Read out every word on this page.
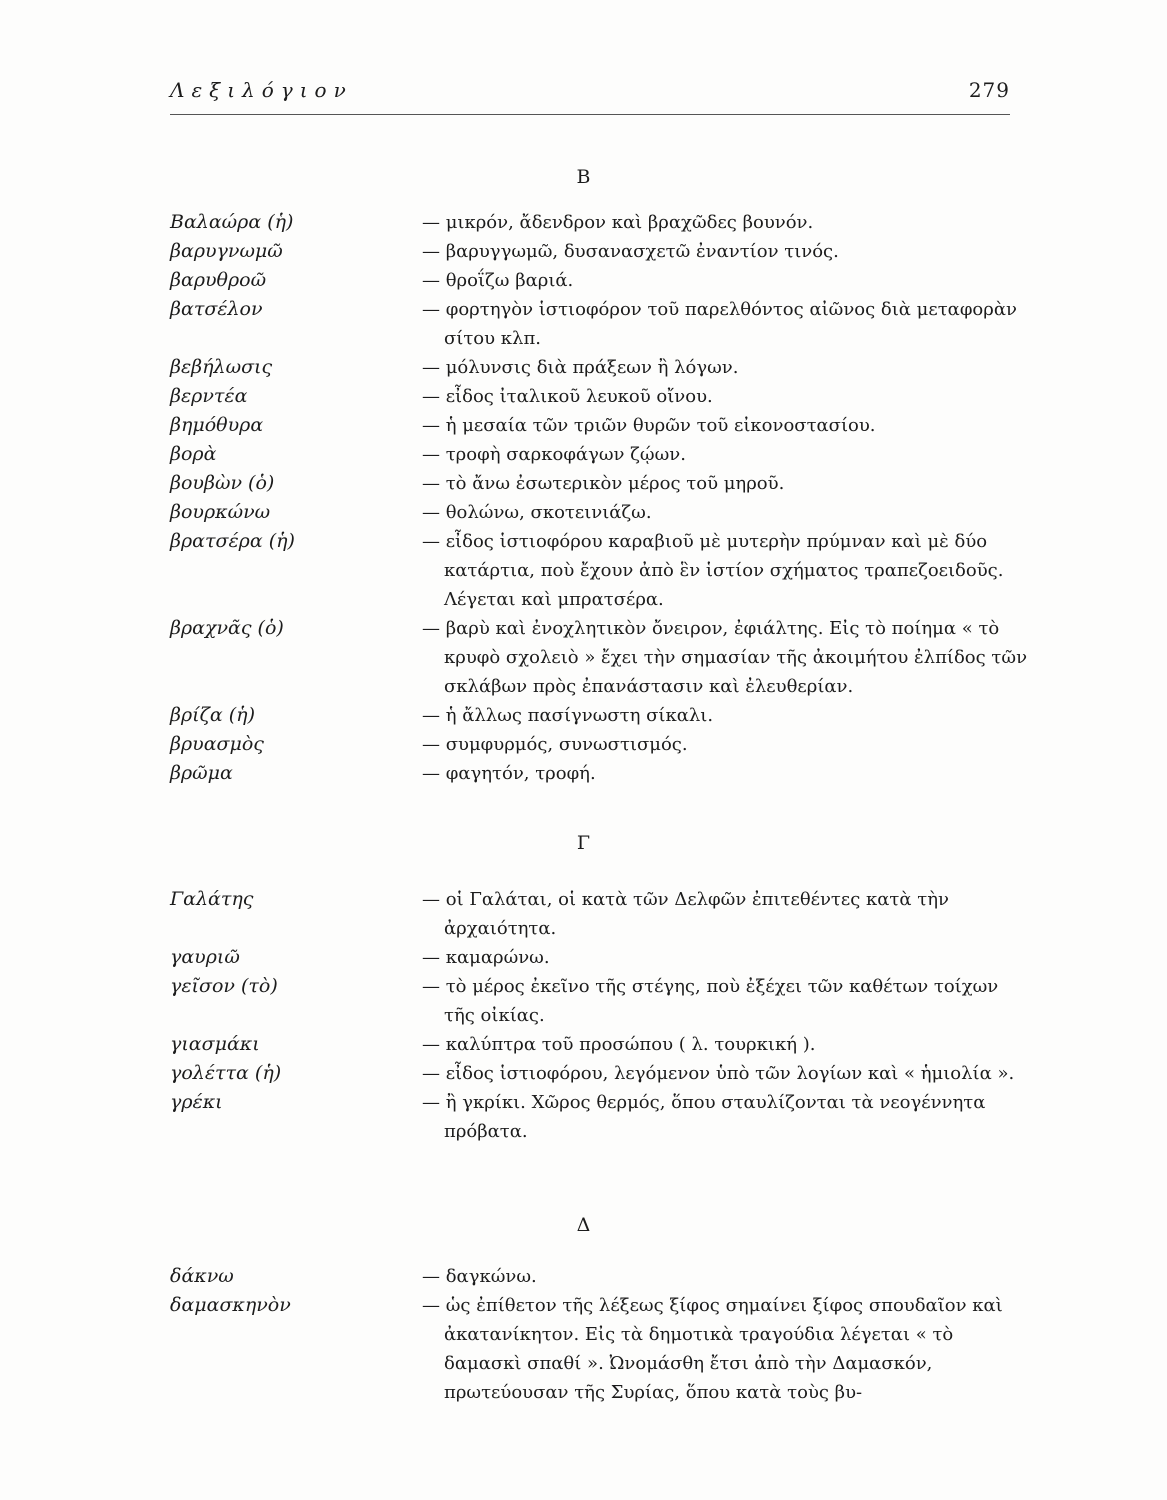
Λεξιλόγιον	279
Β
Βαλαώρα (ἡ)	— μικρόν, ἄδενδρον καὶ βραχῶδες βουνόν.
βαρυγνωμῶ	— βαρυγγωμῶ, δυσανασχετῶ ἐναντίον τινός.
βαρυθρoῶ	— θροΐζω βαριά.
βατσέλον	— φορτηγὸν ἱστιοφόρον τοῦ παρελθόντος αἰῶνος διὰ μεταφορὰν σίτου κλπ.
βεβήλωσις	— μόλυνσις διὰ πράξεων ἢ λόγων.
βερντέα	— εἶδος ἰταλικοῦ λευκοῦ οἴνου.
βημόθυρα	— ἡ μεσαία τῶν τριῶν θυρῶν τοῦ εἰκονοστασίου.
βορὰ	— τροφὴ σαρκοφάγων ζῴων.
βουβὼν (ὁ)	— τὸ ἄνω ἐσωτερικὸν μέρος τοῦ μηροῦ.
βουρκώνω	— θολώνω, σκοτεινιάζω.
βρατσέρα (ἡ)	— εἶδος ἱστιοφόρου καραβιοῦ μὲ μυτερὴν πρύμναν καὶ μὲ δύο κατάρτια, ποὺ ἔχουν ἀπὸ ἓν ἱστίον σχήματος τραπεζοειδοῦς. Λέγεται καὶ μπρατσέρα.
βραχνᾶς (ὁ)	— βαρὺ καὶ ἐνοχλητικὸν ὄνειρον, ἐφιάλτης. Εἰς τὸ ποίημα « τὸ κρυφὸ σχολειὸ » ἔχει τὴν σημασίαν τῆς ἀκοιμήτου ἐλπίδος τῶν σκλάβων πρὸς ἐπανάστασιν καὶ ἐλευθερίαν.
βρίζα (ἡ)	— ἡ ἄλλως πασίγνωστη σίκαλι.
βρυασμὸς	— συμφυρμός, συνωστισμός.
βρῶμα	— φαγητόν, τροφή.
Γ
Γαλάτης	— οἱ Γαλάται, οἱ κατὰ τῶν Δελφῶν ἐπιτεθέντες κατὰ τὴν ἀρχαιότητα.
γαυριῶ	— καμαρώνω.
γεῖσον (τὸ)	— τὸ μέρος ἐκεῖνο τῆς στέγης, ποὺ ἐξέχει τῶν καθέτων τοίχων τῆς οἰκίας.
γιασμάκι	— καλύπτρα τοῦ προσώπου ( λ. τουρκική ).
γολέττα (ἡ)	— εἶδος ἱστιοφόρου, λεγόμενον ὑπὸ τῶν λογίων καὶ « ἡμιολία ».
γρέκι	— ἢ γκρίκι. Χῶρος θερμός, ὅπου σταυλίζονται τὰ νεογέννητα πρόβατα.
Δ
δάκνω	— δαγκώνω.
δαμασκηνὸν	— ὡς ἐπίθετον τῆς λέξεως ξίφος σημαίνει ξίφος σπουδαῖον καὶ ἀκατανίκητον. Εἰς τὰ δημοτικὰ τραγούδια λέγεται « τὸ δαμασκὶ σπαθί ». Ὠνομάσθη ἔτσι ἀπὸ τὴν Δαμασκόν, πρωτεύουσαν τῆς Συρίας, ὅπου κατὰ τοὺς βυ-
